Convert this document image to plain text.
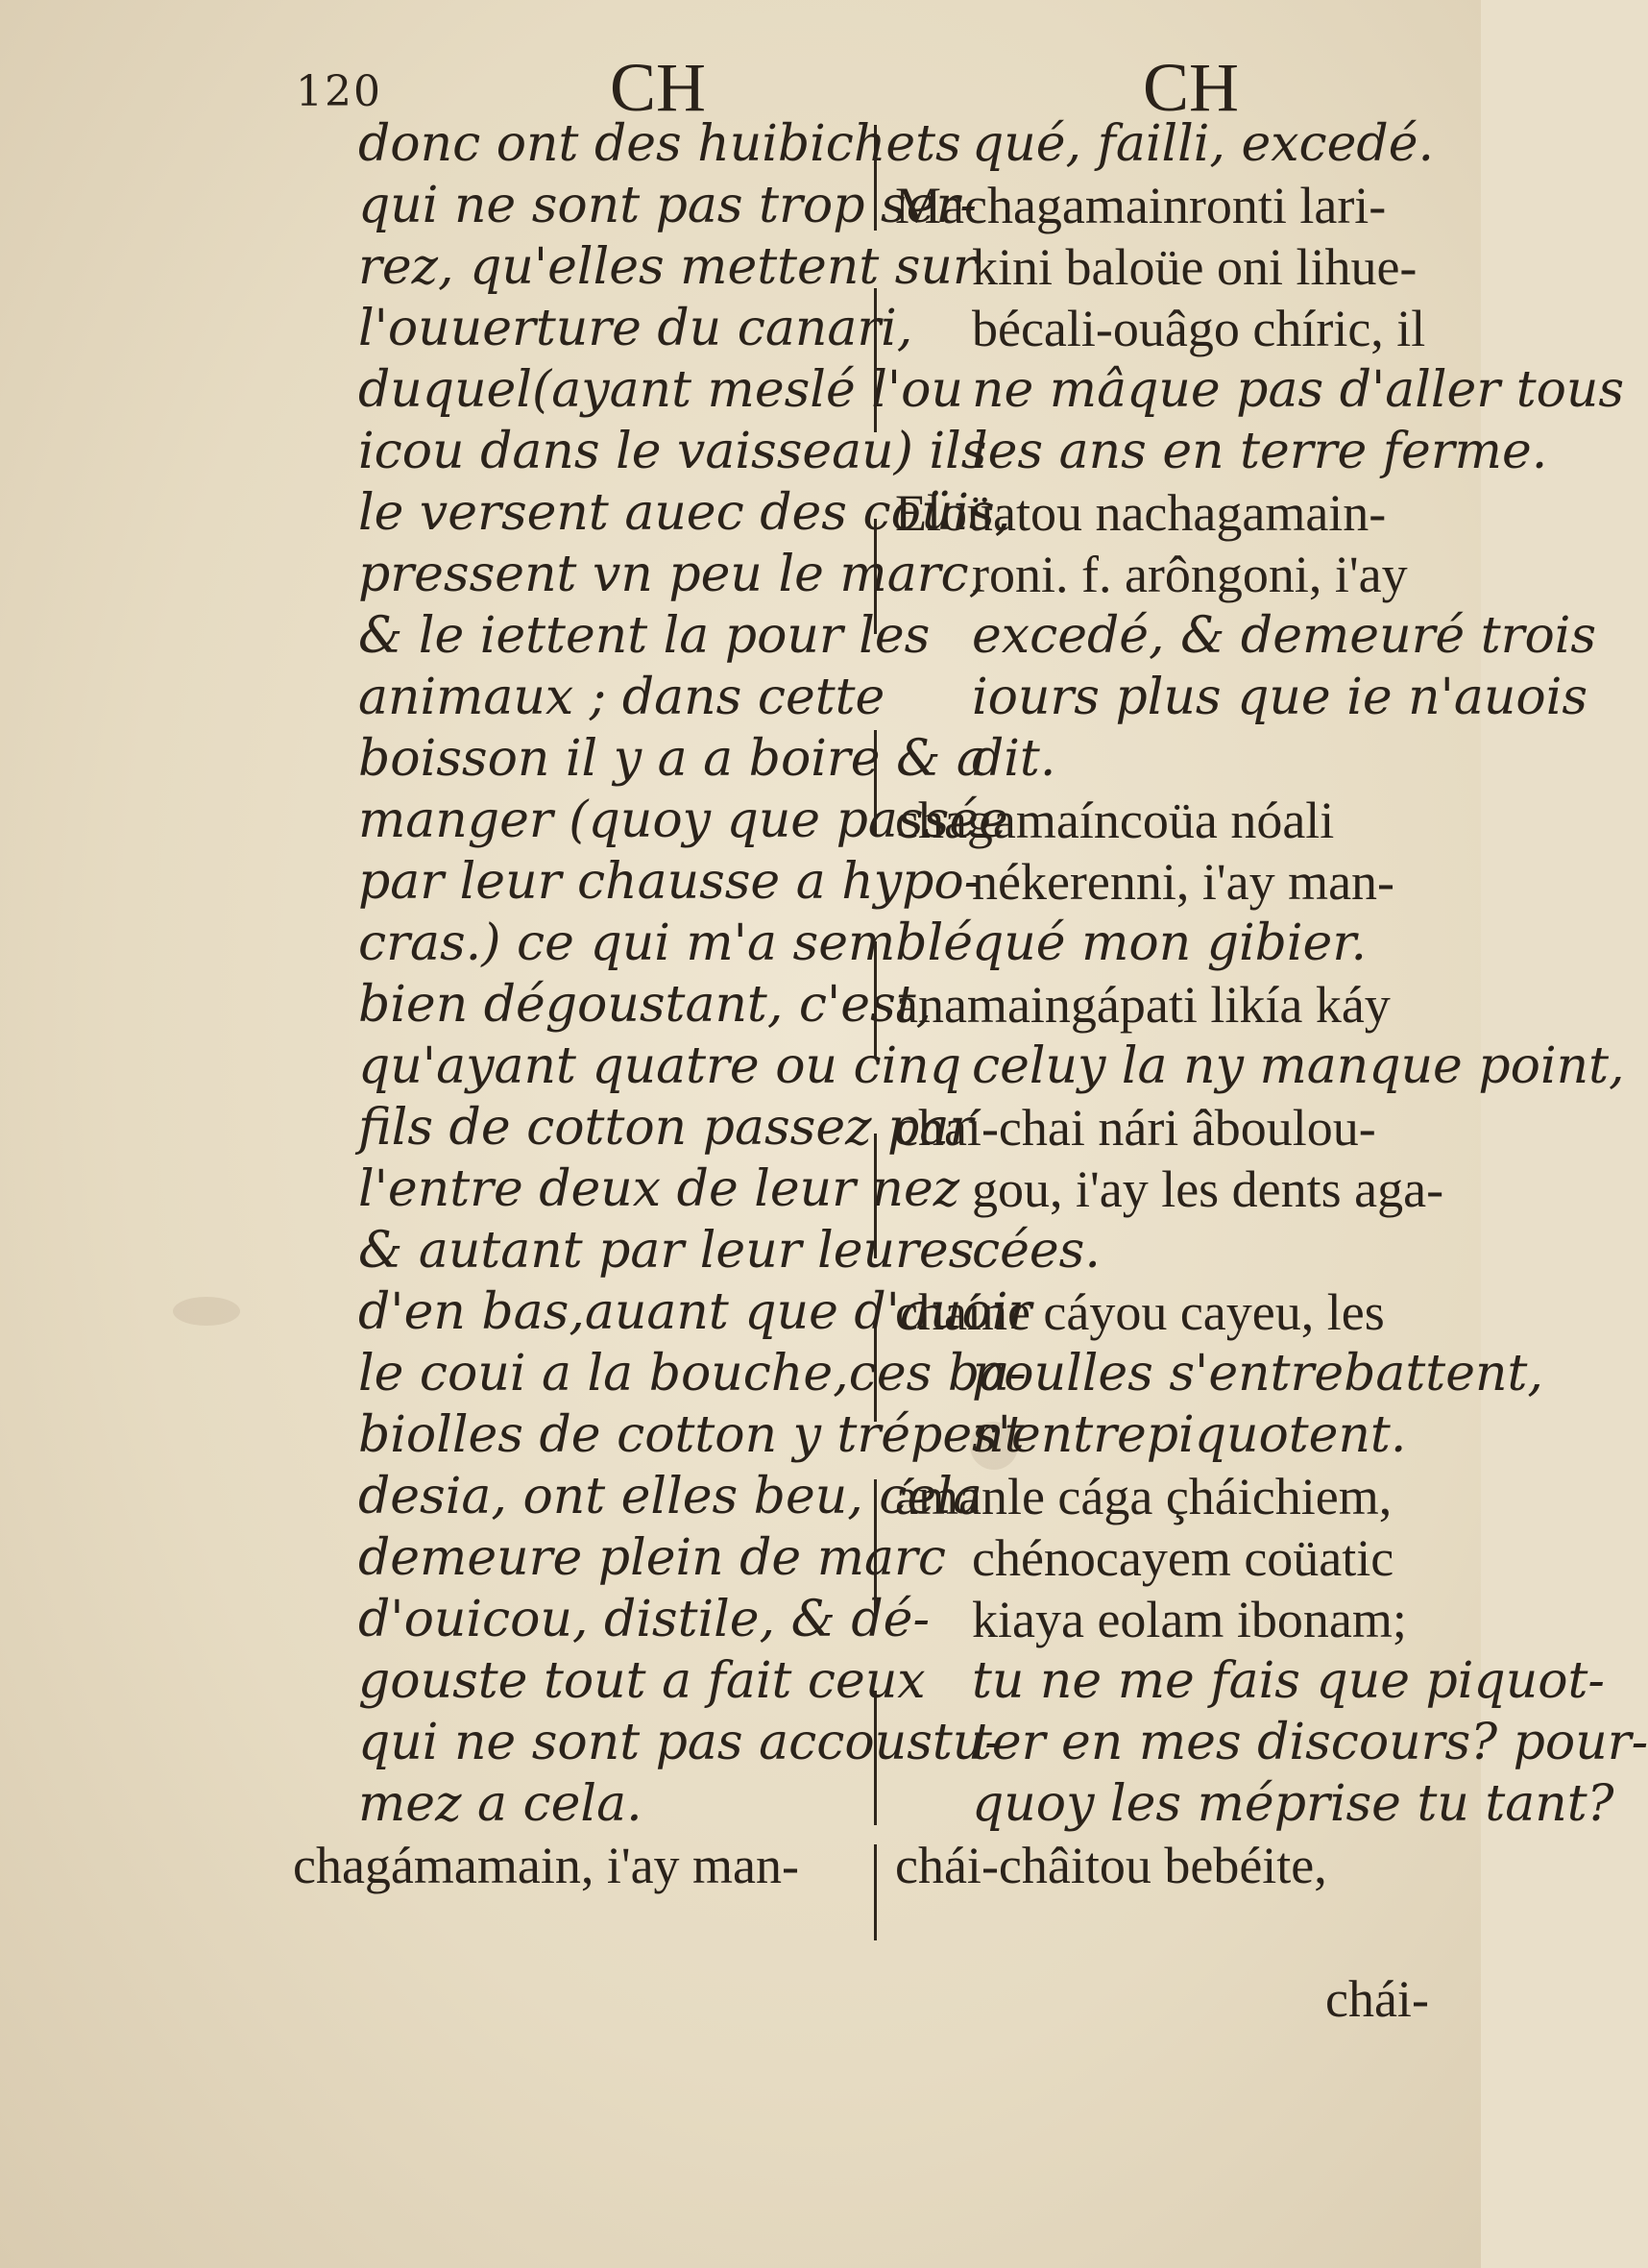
120	CH	CH
donc ont des huibichets
qui ne sont pas trop ser-
rez, qu'elles mettent sur
l'ouuerture du canari,
duquel(ayant meslé l'ou
icou dans le vaisseau) ils
le versent auec des coüis,
pressent vn peu le marc,
& le iettent la pour les
animaux ; dans cette
boisson il y a a boire & a
manger (quoy que passée
par leur chausse a hypo-
cras.) ce qui m'a semblé
bien dégoustant, c'est,
qu'ayant quatre ou cinq
fils de cotton passez par
l'entre deux de leur nez
& autant par leur leures
d'en bas,auant que d'auoir
le coui a la bouche,ces ba-
biolles de cotton y trépent
desia, ont elles beu, cela
demeure plein de marc
d'ouicou, distile, & dé-
gouste tout a fait ceux
qui ne sont pas accoustu-
mez a cela.
chagámamain, i'ay man-
qué, failli, excedé.
Machagamainronti lari-
kini baloüe oni lihue-
bécali-ouâgo chíric, il
ne mâque pas d'aller tous
les ans en terre ferme.
Eloüatou nachagamain-
roni. f. arôngoni, i'ay
excedé, & demeuré trois
iours plus que ie n'auois
dit.
chagamaíncoüa nóali
nékerenni, i'ay man-
qué mon gibier.
anamaingápati likía káy
celuy la ny manque point,
chaí-chai nári âboulou-
gou, i'ay les dents aga-
cées.
chaíne cáyou cayeu, les
poulles s'entrebattent,
s'entrepiquotent.
ámanle cága çháichiem,
chénocayem coüatic
kiaya eolam ibonam;
tu ne me fais que piquot-
ter en mes discours? pour-
quoy les méprise tu tant?
chái-châitou bebéite,
chái-
